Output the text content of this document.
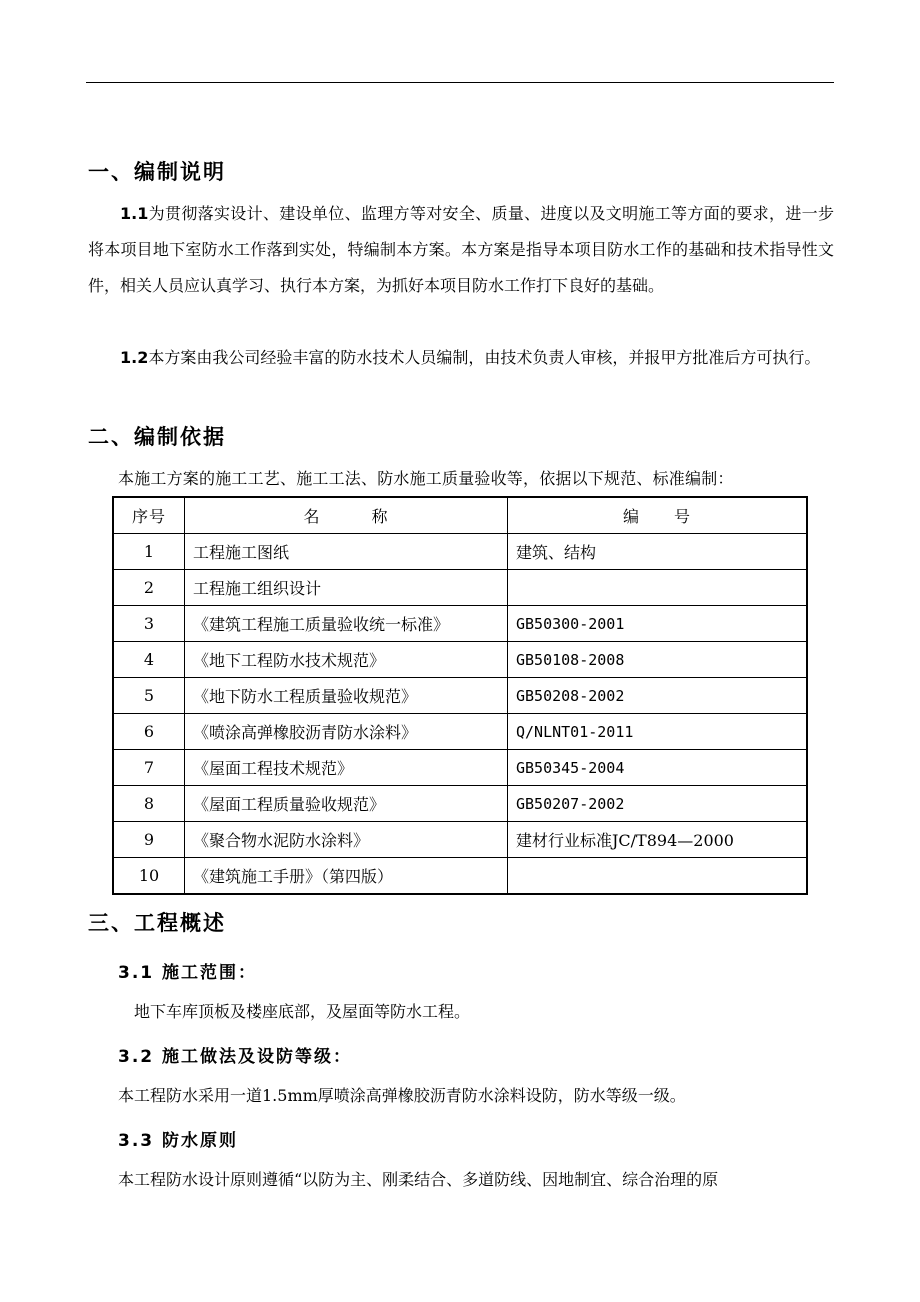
一、编制说明

1.1为贯彻落实设计、建设单位、监理方等对安全、质量、进度以及文明施工等方面的要求，进一步将本项目地下室防水工作落到实处，特编制本方案。本方案是指导本项目防水工作的基础和技术指导性文件，相关人员应认真学习、执行本方案，为抓好本项目防水工作打下良好的基础。

1.2本方案由我公司经验丰富的防水技术人员编制，由技术负责人审核，并报甲方批准后方可执行。

二、编制依据

本施工方案的施工工艺、施工工法、防水施工质量验收等，依据以下规范、标准编制：

序号	名　　　称	编　　号
1	工程施工图纸	建筑、结构
2	工程施工组织设计	
3	《建筑工程施工质量验收统一标准》	GB50300-2001
4	《地下工程防水技术规范》	GB50108-2008
5	《地下防水工程质量验收规范》	GB50208-2002
6	《喷涂高弹橡胶沥青防水涂料》	Q/NLNT01-2011
7	《屋面工程技术规范》	GB50345-2004
8	《屋面工程质量验收规范》	GB50207-2002
9	《聚合物水泥防水涂料》	建材行业标准JC/T894—2000
10	《建筑施工手册》（第四版）	
三、工程概述
3.1 施工范围：

地下车库顶板及楼座底部，及屋面等防水工程。

3.2 施工做法及设防等级：

本工程防水采用一道1.5mm厚喷涂高弹橡胶沥青防水涂料设防，防水等级一级。

3.3 防水原则

本工程防水设计原则遵循“以防为主、刚柔结合、多道防线、因地制宜、综合治理的原
